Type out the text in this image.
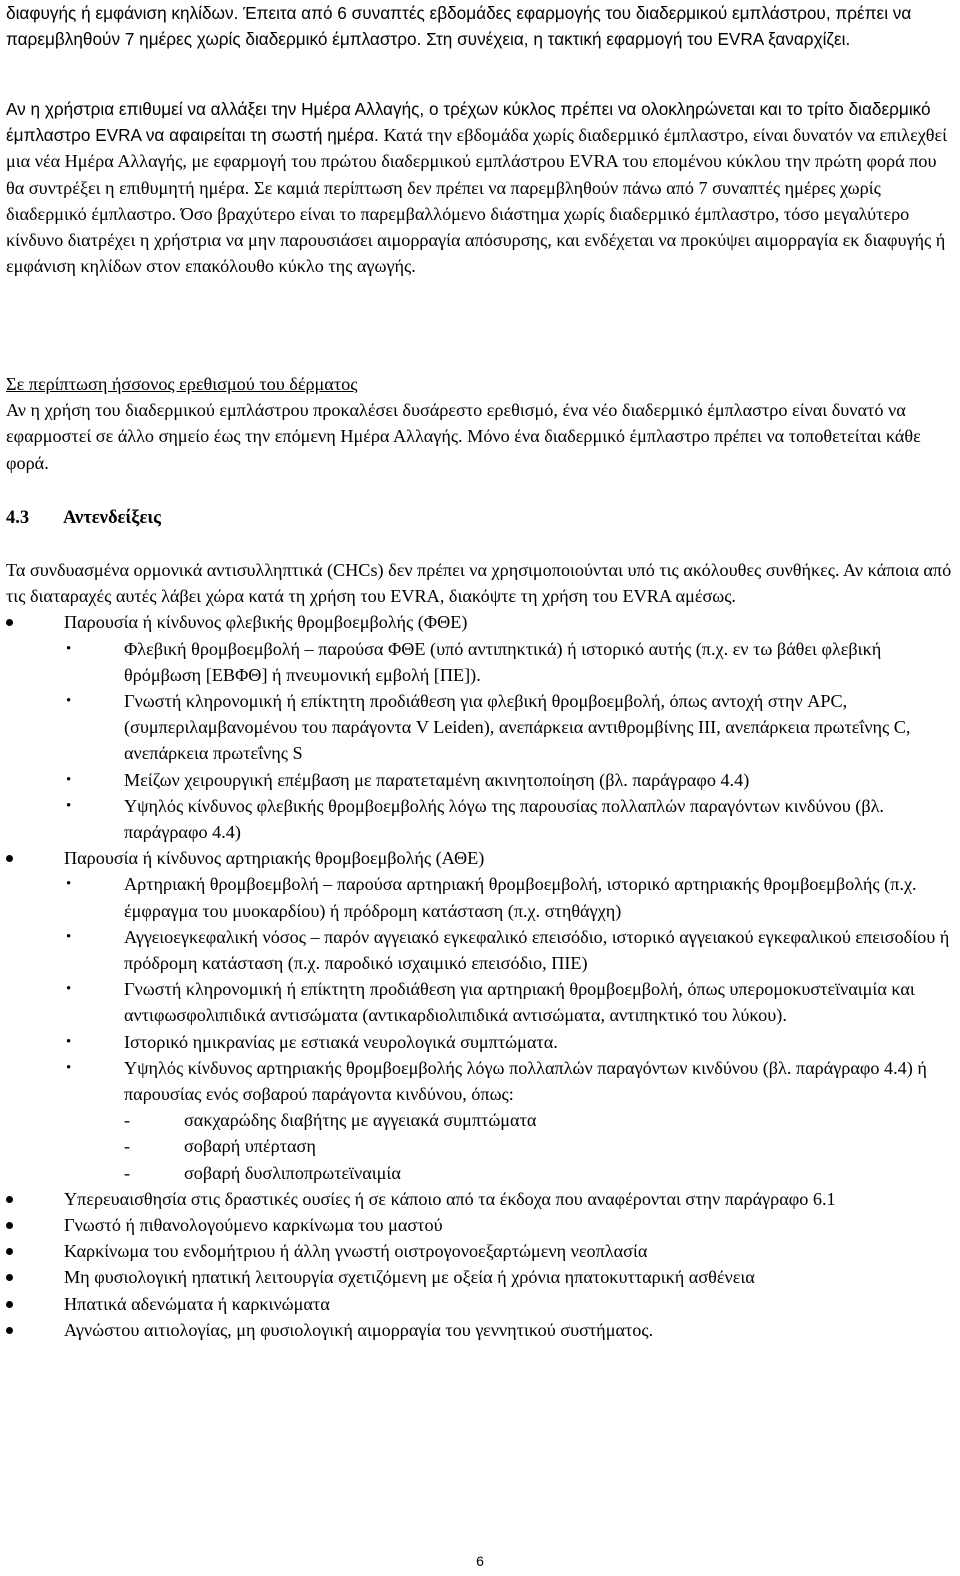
διαφυγής ή εμφάνιση κηλίδων. Έπειτα από 6 συναπτές εβδομάδες εφαρμογής του διαδερμικού εμπλάστρου, πρέπει να παρεμβληθούν 7 ημέρες χωρίς διαδερμικό έμπλαστρο. Στη συνέχεια, η τακτική εφαρμογή του EVRA ξαναρχίζει.

Αν η χρήστρια επιθυμεί να αλλάξει την Ημέρα Αλλαγής, ο τρέχων κύκλος πρέπει να ολοκληρώνεται και το τρίτο διαδερμικό έμπλαστρο EVRA να αφαιρείται τη σωστή ημέρα. Κατά την εβδομάδα χωρίς διαδερμικό έμπλαστρο, είναι δυνατόν να επιλεχθεί μια νέα Ημέρα Αλλαγής, με εφαρμογή του πρώτου διαδερμικού εμπλάστρου EVRA του επομένου κύκλου την πρώτη φορά που θα συντρέξει η επιθυμητή ημέρα. Σε καμιά περίπτωση δεν πρέπει να παρεμβληθούν πάνω από 7 συναπτές ημέρες χωρίς διαδερμικό έμπλαστρο. Όσο βραχύτερο είναι το παρεμβαλλόμενο διάστημα χωρίς διαδερμικό έμπλαστρο, τόσο μεγαλύτερο κίνδυνο διατρέχει η χρήστρια να μην παρουσιάσει αιμορραγία απόσυρσης, και ενδέχεται να προκύψει αιμορραγία εκ διαφυγής ή εμφάνιση κηλίδων στον επακόλουθο κύκλο της αγωγής.

Σε περίπτωση ήσσονος ερεθισμού του δέρματος

Αν η χρήση του διαδερμικού εμπλάστρου προκαλέσει δυσάρεστο ερεθισμό, ένα νέο διαδερμικό έμπλαστρο είναι δυνατό να εφαρμοστεί σε άλλο σημείο έως την επόμενη Ημέρα Αλλαγής. Μόνο ένα διαδερμικό έμπλαστρο πρέπει να τοποθετείται κάθε φορά.

4.3 Αντενδείξεις

Τα συνδυασμένα ορμονικά αντισυλληπτικά (CHCs) δεν πρέπει να χρησιμοποιούνται υπό τις ακόλουθες συνθήκες. Αν κάποια από τις διαταραχές αυτές λάβει χώρα κατά τη χρήση του EVRA, διακόψτε τη χρήση του EVRA αμέσως.

Παρουσία ή κίνδυνος φλεβικής θρομβοεμβολής (ΦΘΕ)
•	Φλεβική θρομβοεμβολή – παρούσα ΦΘΕ (υπό αντιπηκτικά) ή ιστορικό αυτής (π.χ. εν τω βάθει φλεβική θρόμβωση [ΕΒΦΘ] ή πνευμονική εμβολή [ΠΕ]).
•	Γνωστή κληρονομική ή επίκτητη προδιάθεση για φλεβική θρομβοεμβολή, όπως αντοχή στην APC, (συμπεριλαμβανομένου του παράγοντα V Leiden), ανεπάρκεια αντιθρομβίνης III, ανεπάρκεια πρωτεΐνης C, ανεπάρκεια πρωτεΐνης S
•	Μείζων χειρουργική επέμβαση με παρατεταμένη ακινητοποίηση (βλ. παράγραφο 4.4)
•	Υψηλός κίνδυνος φλεβικής θρομβοεμβολής λόγω της παρουσίας πολλαπλών παραγόντων κινδύνου (βλ. παράγραφο 4.4)
Παρουσία ή κίνδυνος αρτηριακής θρομβοεμβολής (ΑΘΕ)
•	Αρτηριακή θρομβοεμβολή – παρούσα αρτηριακή θρομβοεμβολή, ιστορικό αρτηριακής θρομβοεμβολής (π.χ. έμφραγμα του μυοκαρδίου) ή πρόδρομη κατάσταση (π.χ. στηθάγχη)
•	Αγγειοεγκεφαλική νόσος – παρόν αγγειακό εγκεφαλικό επεισόδιο, ιστορικό αγγειακού εγκεφαλικού επεισοδίου ή πρόδρομη κατάσταση (π.χ. παροδικό ισχαιμικό επεισόδιο, ΠΙΕ)
•	Γνωστή κληρονομική ή επίκτητη προδιάθεση για αρτηριακή θρομβοεμβολή, όπως υπερομοκυστεϊναιμία και αντιφωσφολιπιδικά αντισώματα (αντικαρδιολιπιδικά αντισώματα, αντιπηκτικό του λύκου).
•	Ιστορικό ημικρανίας με εστιακά νευρολογικά συμπτώματα.
•	Υψηλός κίνδυνος αρτηριακής θρομβοεμβολής λόγω πολλαπλών παραγόντων κινδύνου (βλ. παράγραφο 4.4) ή παρουσίας ενός σοβαρού παράγοντα κινδύνου, όπως:
-	σακχαρώδης διαβήτης με αγγειακά συμπτώματα
-	σοβαρή υπέρταση
-	σοβαρή δυσλιποπρωτεϊναιμία
Υπερευαισθησία στις δραστικές ουσίες ή σε κάποιο από τα έκδοχα που αναφέρονται στην παράγραφο 6.1
Γνωστό ή πιθανολογούμενο καρκίνωμα του μαστού
Καρκίνωμα του ενδομήτριου ή άλλη γνωστή οιστρογονοεξαρτώμενη νεοπλασία
Μη φυσιολογική ηπατική λειτουργία σχετιζόμενη με οξεία ή χρόνια ηπατοκυτταρική ασθένεια
Ηπατικά αδενώματα ή καρκινώματα
Αγνώστου αιτιολογίας, μη φυσιολογική αιμορραγία του γεννητικού συστήματος.
6
